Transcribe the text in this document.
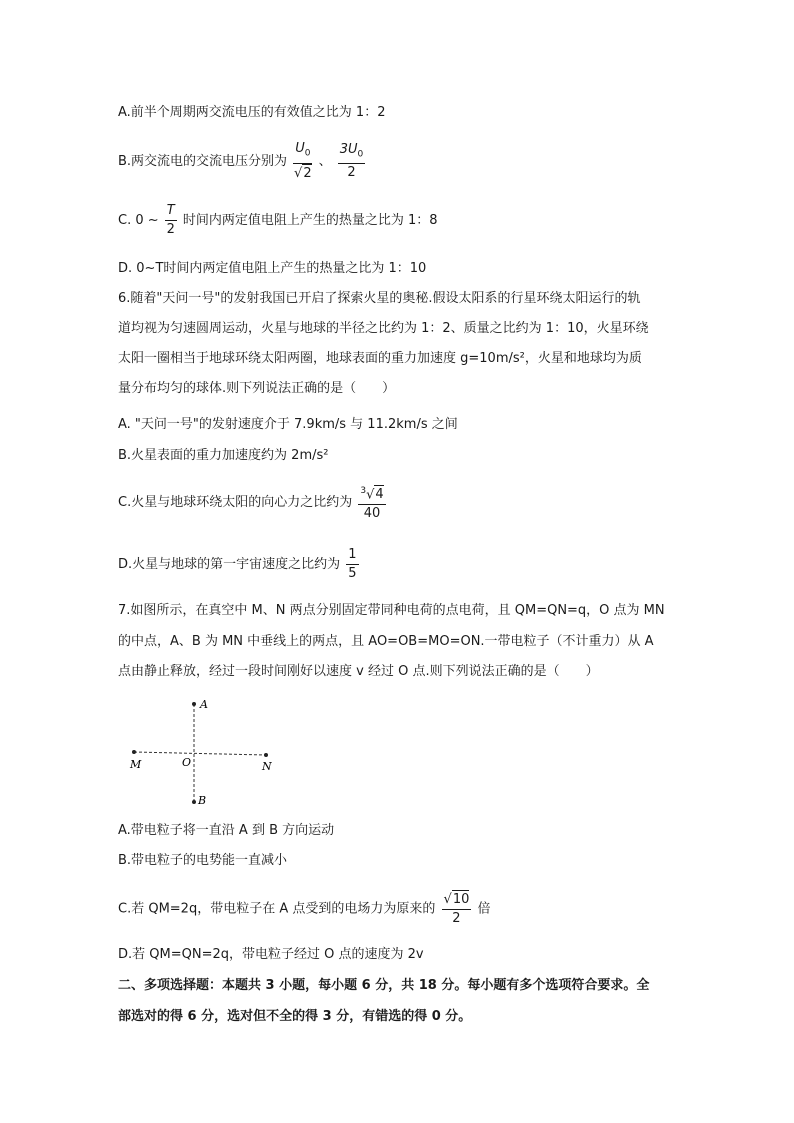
A.前半个周期两交流电压的有效值之比为 1：2
B.两交流电的交流电压分别为 $\frac{U_0}{√2}$ 、 $\frac{3U_0}{2}$
C. 0 ~ $\frac{T}{2}$ 时间内两定值电阻上产生的热量之比为 1：8
D. 0~T时间内两定值电阻上产生的热量之比为 1：10
6.随着"天问一号"的发射我国已开启了探索火星的奥秘.假设太阳系的行星环绕太阳运行的轨
道均视为匀速圆周运动，火星与地球的半径之比约为 1：2、质量之比约为 1：10，火星环绕
太阳一圈相当于地球环绕太阳两圈，地球表面的重力加速度 g=10m/s²，火星和地球均为质
量分布均匀的球体.则下列说法正确的是（　　）
A. "天问一号"的发射速度介于 7.9km/s 与 11.2km/s 之间
B.火星表面的重力加速度约为 2m/s²
C.火星与地球环绕太阳的向心力之比约为 $\frac{^3√4}{40}$
D.火星与地球的第一宇宙速度之比约为 $\frac{1}{5}$
7.如图所示，在真空中 M、N 两点分别固定带同种电荷的点电荷，且 QM=QN=q，O 点为 MN
的中点，A、B 为 MN 中垂线上的两点，且 AO=OB=MO=ON.一带电粒子（不计重力）从 A
点由静止释放，经过一段时间刚好以速度 v 经过 O 点.则下列说法正确的是（　　）
A
B
M	N
O
A.带电粒子将一直沿 A 到 B 方向运动
B.带电粒子的电势能一直减小
C.若 QM=2q，带电粒子在 A 点受到的电场力为原来的 $\frac{√10}{2}$ 倍
D.若 QM=QN=2q，带电粒子经过 O 点的速度为 2v
二、多项选择题：本题共 3 小题，每小题 6 分，共 18 分。每小题有多个选项符合要求。全
部选对的得 6 分，选对但不全的得 3 分，有错选的得 0 分。
